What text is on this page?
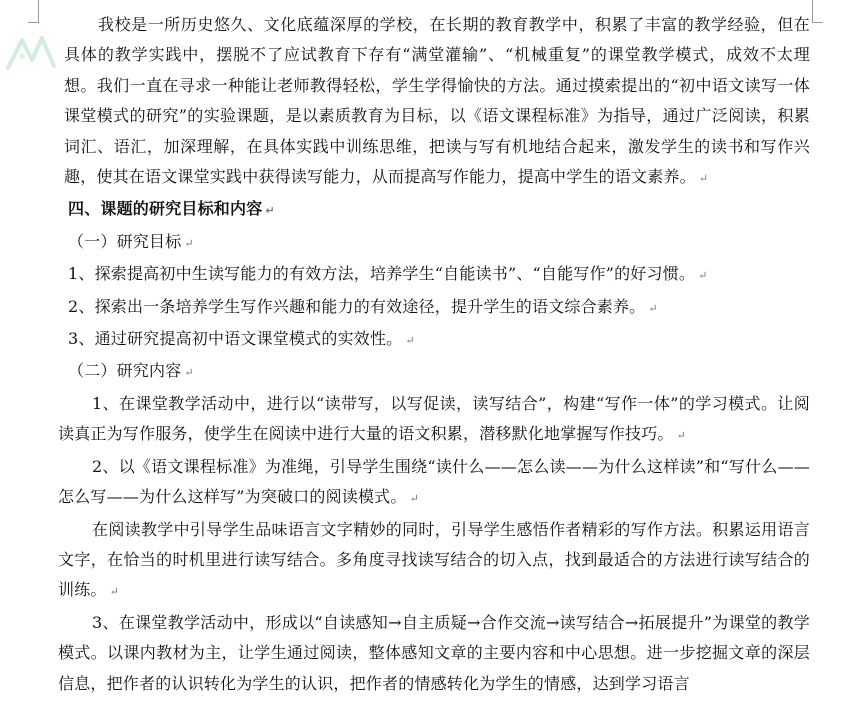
我校是一所历史悠久、文化底蕴深厚的学校，在长期的教育教学中，积累了丰富的教学经验，但在具体的教学实践中，摆脱不了应试教育下存有“满堂灌输”、“机械重复”的课堂教学模式，成效不太理想。我们一直在寻求一种能让老师教得轻松，学生学得愉快的方法。通过摸索提出的“初中语文读写一体课堂模式的研究”的实验课题，是以素质教育为目标，以《语文课程标准》为指导，通过广泛阅读，积累词汇、语汇，加深理解，在具体实践中训练思维，把读与写有机地结合起来，激发学生的读书和写作兴趣，使其在语文课堂实践中获得读写能力，从而提高写作能力，提高中学生的语文素养。 ↵

四、课题的研究目标和内容 ↵

（一）研究目标 ↵

1、探索提高初中生读写能力的有效方法，培养学生“自能读书”、“自能写作”的好习惯。 ↵

2、探索出一条培养学生写作兴趣和能力的有效途径，提升学生的语文综合素养。 ↵

3、通过研究提高初中语文课堂模式的实效性。 ↵

（二）研究内容 ↵

1、在课堂教学活动中，进行以“读带写，以写促读，读写结合”，构建“写作一体”的学习模式。让阅读真正为写作服务，使学生在阅读中进行大量的语文积累，潜移默化地掌握写作技巧。 ↵

2、以《语文课程标准》为准绳，引导学生围绕“读什么——怎么读——为什么这样读”和“写什么——怎么写——为什么这样写”为突破口的阅读模式。 ↵

在阅读教学中引导学生品味语言文字精妙的同时，引导学生感悟作者精彩的写作方法。积累运用语言文字，在恰当的时机里进行读写结合。多角度寻找读写结合的切入点，找到最适合的方法进行读写结合的训练。 ↵

3、在课堂教学活动中，形成以“自读感知→自主质疑→合作交流→读写结合→拓展提升”为课堂的教学模式。以课内教材为主，让学生通过阅读，整体感知文章的主要内容和中心思想。进一步挖掘文章的深层信息，把作者的认识转化为学生的认识，把作者的情感转化为学生的情感，达到学习语言
